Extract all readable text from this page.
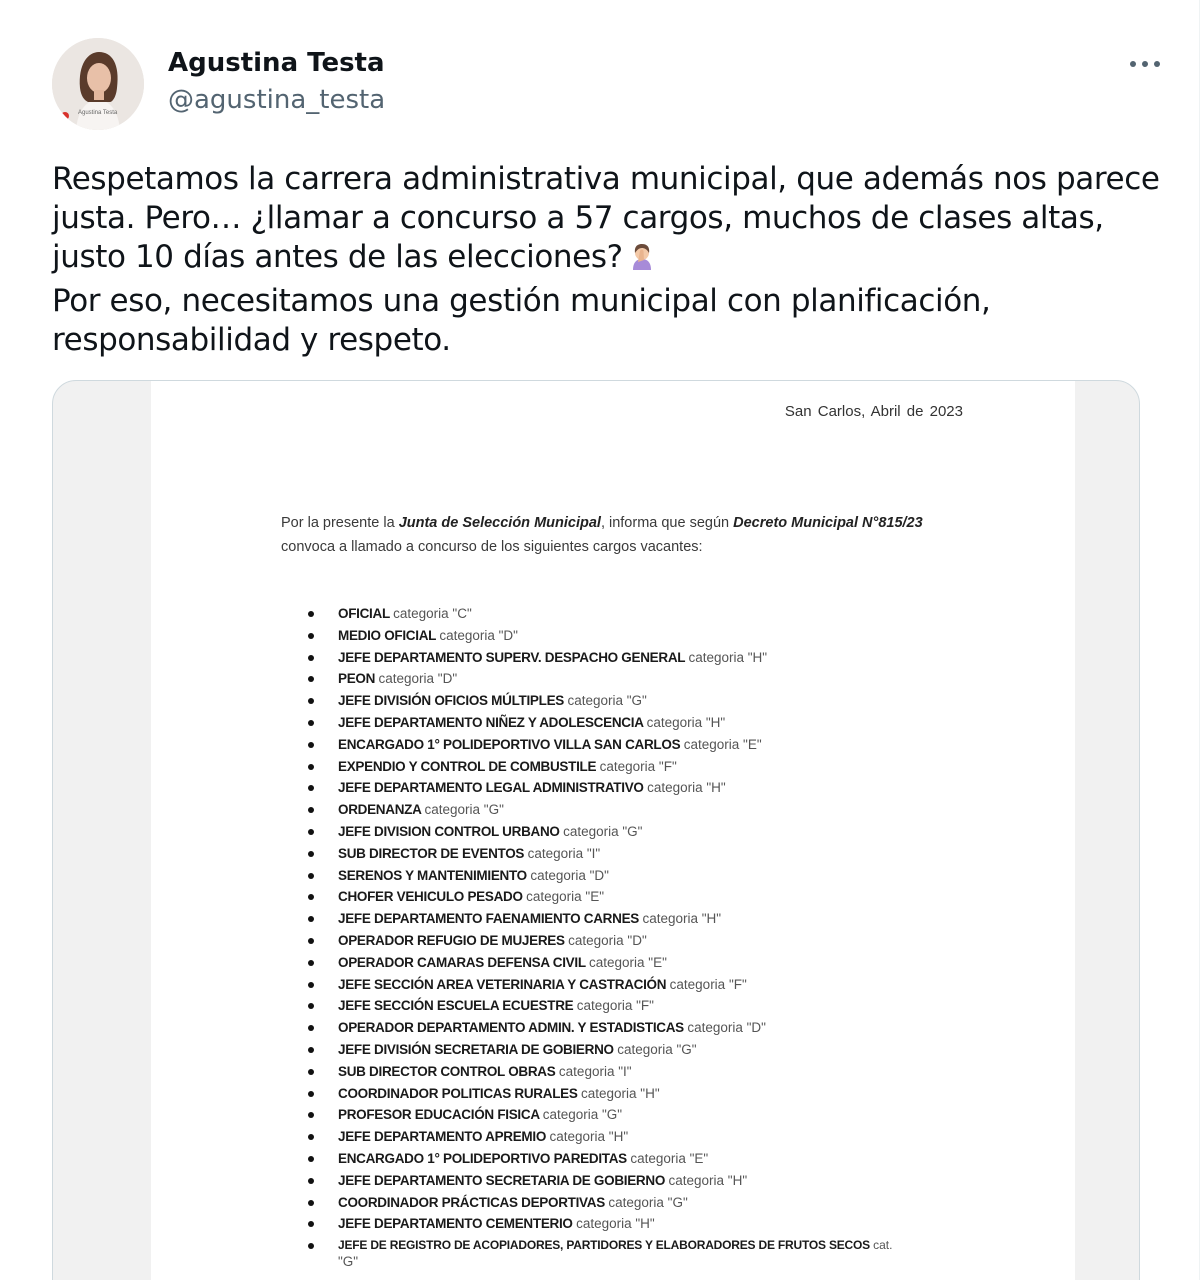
Agustina Testa
Agustina Testa
@agustina_testa
Respetamos la carrera administrativa municipal, que además nos parece
justa. Pero… ¿llamar a concurso a 57 cargos, muchos de clases altas,
justo 10 días antes de las elecciones?
Por eso, necesitamos una gestión municipal con planificación,
responsabilidad y respeto.
San Carlos, Abril de 2023
Por la presente la Junta de Selección Municipal, informa que según Decreto Municipal N°815/23 convoca a llamado a concurso de los siguientes cargos vacantes:
OFICIAL categoria "C"
MEDIO OFICIAL categoria "D"
JEFE DEPARTAMENTO SUPERV. DESPACHO GENERAL categoria "H"
PEON categoria "D"
JEFE DIVISIÓN OFICIOS MÚLTIPLES categoria "G"
JEFE DEPARTAMENTO NIÑEZ Y ADOLESCENCIA categoria "H"
ENCARGADO 1° POLIDEPORTIVO VILLA SAN CARLOS categoria "E"
EXPENDIO Y CONTROL DE COMBUSTILE categoria "F"
JEFE DEPARTAMENTO LEGAL ADMINISTRATIVO categoria "H"
ORDENANZA categoria "G"
JEFE DIVISION CONTROL URBANO categoria "G"
SUB DIRECTOR DE EVENTOS categoria "I"
SERENOS Y MANTENIMIENTO categoria "D"
CHOFER VEHICULO PESADO categoria "E"
JEFE DEPARTAMENTO FAENAMIENTO CARNES categoria "H"
OPERADOR REFUGIO DE MUJERES categoria "D"
OPERADOR CAMARAS DEFENSA CIVIL categoria "E"
JEFE SECCIÓN AREA VETERINARIA Y CASTRACIÓN categoria "F"
JEFE SECCIÓN ESCUELA ECUESTRE categoria "F"
OPERADOR DEPARTAMENTO ADMIN. Y ESTADISTICAS categoria "D"
JEFE DIVISIÓN SECRETARIA DE GOBIERNO categoria "G"
SUB DIRECTOR CONTROL OBRAS categoria "I"
COORDINADOR POLITICAS RURALES categoria "H"
PROFESOR EDUCACIÓN FISICA categoria "G"
JEFE DEPARTAMENTO APREMIO categoria "H"
ENCARGADO 1° POLIDEPORTIVO PAREDITAS categoria "E"
JEFE DEPARTAMENTO SECRETARIA DE GOBIERNO categoria "H"
COORDINADOR PRÁCTICAS DEPORTIVAS categoria "G"
JEFE DEPARTAMENTO CEMENTERIO categoria "H"
JEFE DE REGISTRO DE ACOPIADORES, PARTIDORES Y ELABORADORES DE FRUTOS SECOS cat.
"G"
